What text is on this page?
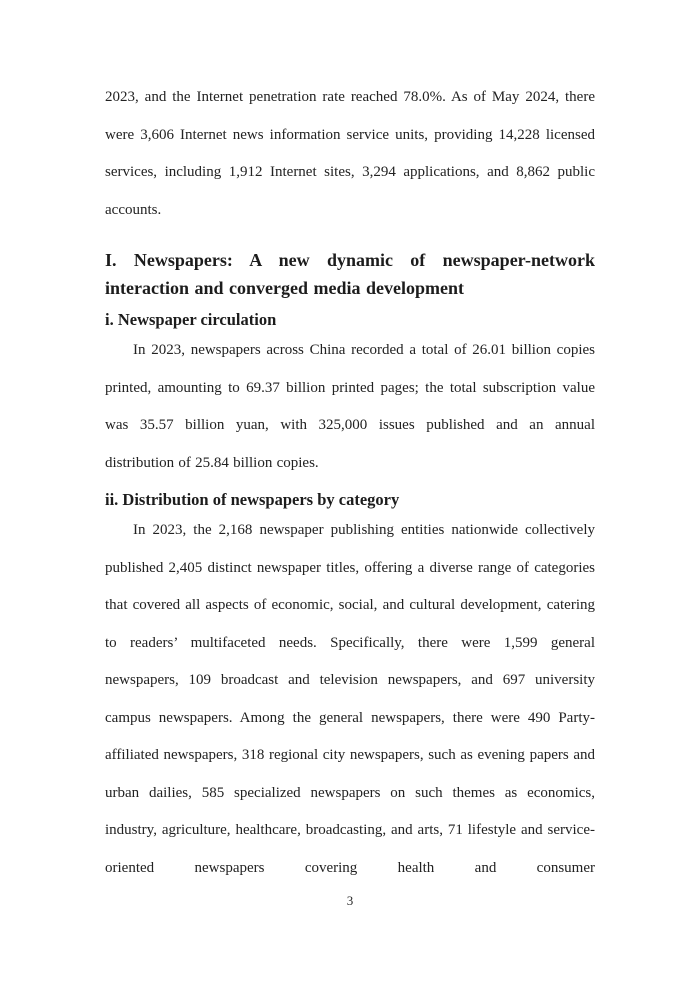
2023, and the Internet penetration rate reached 78.0%. As of May 2024, there were 3,606 Internet news information service units, providing 14,228 licensed services, including 1,912 Internet sites, 3,294 applications, and 8,862 public accounts.

I. Newspapers: A new dynamic of newspaper-network interaction and converged media development
i. Newspaper circulation

In 2023, newspapers across China recorded a total of 26.01 billion copies printed, amounting to 69.37 billion printed pages; the total subscription value was 35.57 billion yuan, with 325,000 issues published and an annual distribution of 25.84 billion copies.

ii. Distribution of newspapers by category

In 2023, the 2,168 newspaper publishing entities nationwide collectively published 2,405 distinct newspaper titles, offering a diverse range of categories that covered all aspects of economic, social, and cultural development, catering to readers’ multifaceted needs. Specifically, there were 1,599 general newspapers, 109 broadcast and television newspapers, and 697 university campus newspapers. Among the general newspapers, there were 490 Party-affiliated newspapers, 318 regional city newspapers, such as evening papers and urban dailies, 585 specialized newspapers on such themes as economics, industry, agriculture, healthcare, broadcasting, and arts, 71 lifestyle and service-oriented newspapers covering health and consumer

3
